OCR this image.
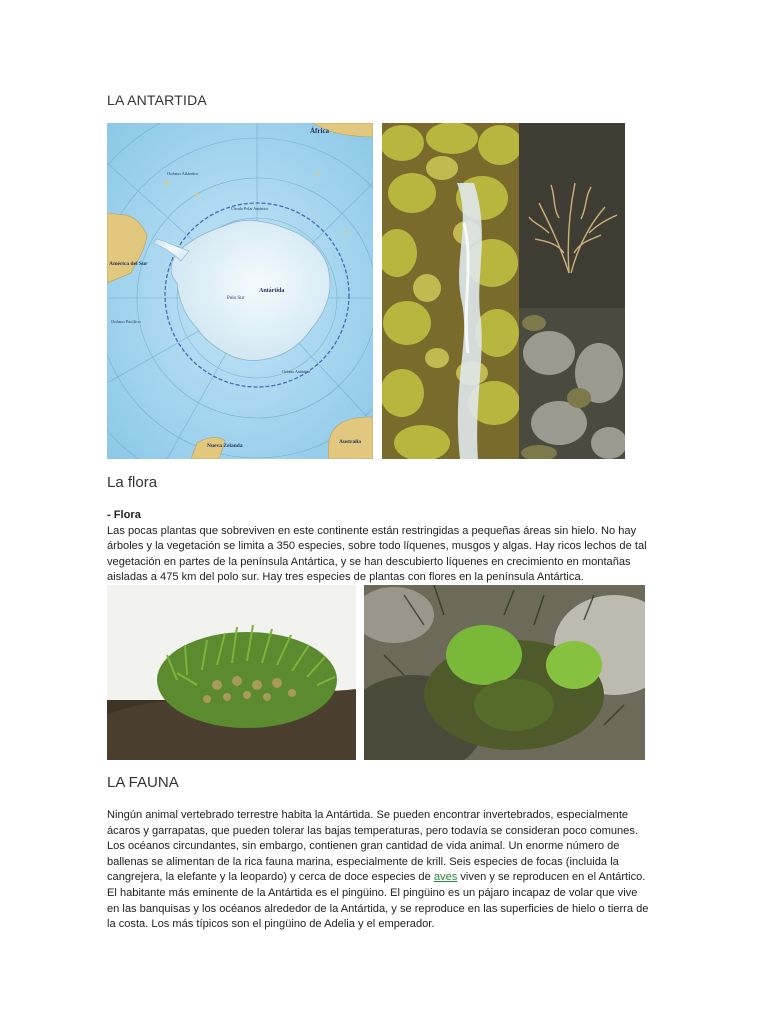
LA ANTARTIDA
África
Océano Atlántico
América del Sur
Antártida
Polo Sur
Océano Pacífico
Nueva Zelanda
Australia
Círculo Polar Antártico
Océano Antártico
La flora
- Flora
Las pocas plantas que sobreviven en este continente están restringidas a pequeñas áreas sin hielo. No hay
árboles y la vegetación se limita a 350 especies, sobre todo líquenes, musgos y algas. Hay ricos lechos de tal
vegetación en partes de la península Antártica, y se han descubierto líquenes en crecimiento en montañas
aisladas a 475 km del polo sur. Hay tres especies de plantas con flores en la península Antártica.
LA FAUNA
Ningún animal vertebrado terrestre habita la Antártida. Se pueden encontrar invertebrados, especialmente
ácaros y garrapatas, que pueden tolerar las bajas temperaturas, pero todavía se consideran poco comunes.
Los océanos circundantes, sin embargo, contienen gran cantidad de vida animal. Un enorme número de
ballenas se alimentan de la rica fauna marina, especialmente de krill. Seis especies de focas (incluida la
cangrejera, la elefante y la leopardo) y cerca de doce especies de aves viven y se reproducen en el Antártico.
El habitante más eminente de la Antártida es el pingüino. El pingüino es un pájaro incapaz de volar que vive
en las banquisas y los océanos alrededor de la Antártida, y se reproduce en las superficies de hielo o tierra de
la costa. Los más típicos son el pingüino de Adelia y el emperador.
